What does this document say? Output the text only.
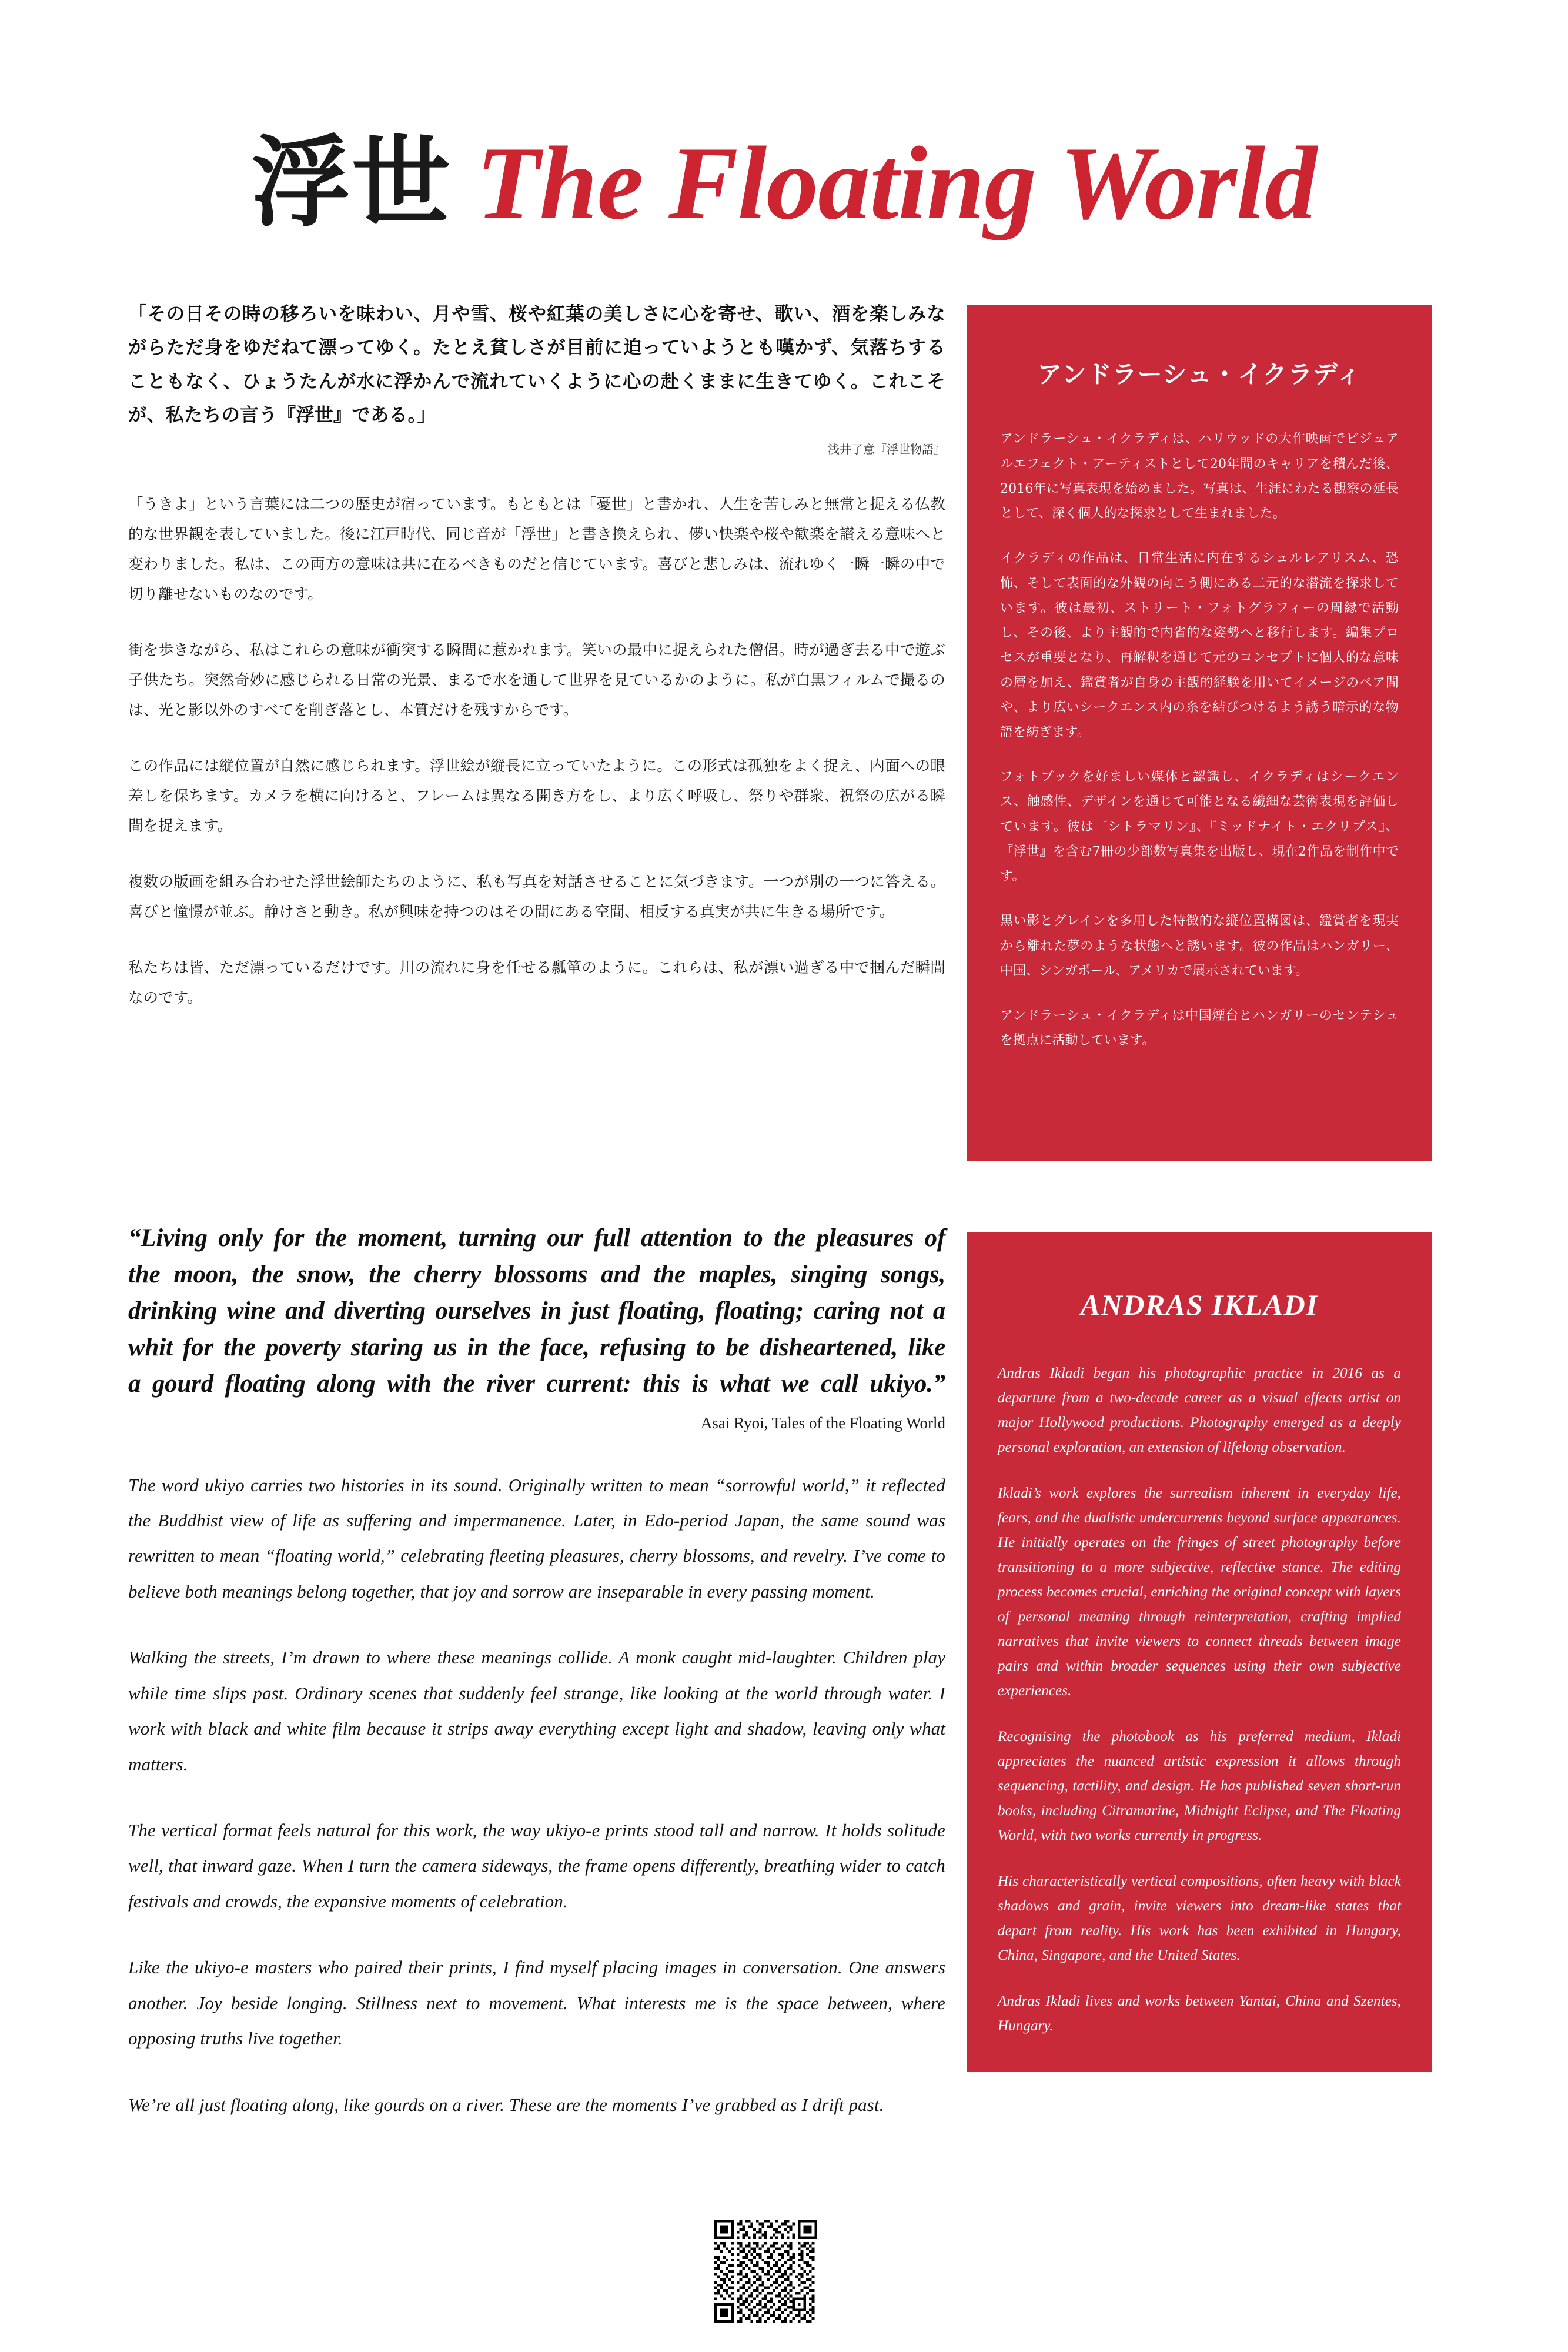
浮世 The Floating World
「その日その時の移ろいを味わい、月や雪、桜や紅葉の美しさに心を寄せ、歌い、酒を楽しみながらただ身をゆだねて漂ってゆく。たとえ貧しさが目前に迫っていようとも嘆かず、気落ちすることもなく、ひょうたんが水に浮かんで流れていくように心の赴くままに生きてゆく。これこそが、私たちの言う『浮世』である。」
浅井了意『浮世物語』

「うきよ」という言葉には二つの歴史が宿っています。もともとは「憂世」と書かれ、人生を苦しみと無常と捉える仏教的な世界観を表していました。後に江戸時代、同じ音が「浮世」と書き換えられ、儚い快楽や桜や歓楽を讃える意味へと変わりました。私は、この両方の意味は共に在るべきものだと信じています。喜びと悲しみは、流れゆく一瞬一瞬の中で切り離せないものなのです。

街を歩きながら、私はこれらの意味が衝突する瞬間に惹かれます。笑いの最中に捉えられた僧侶。時が過ぎ去る中で遊ぶ子供たち。突然奇妙に感じられる日常の光景、まるで水を通して世界を見ているかのように。私が白黒フィルムで撮るのは、光と影以外のすべてを削ぎ落とし、本質だけを残すからです。

この作品には縦位置が自然に感じられます。浮世絵が縦長に立っていたように。この形式は孤独をよく捉え、内面への眼差しを保ちます。カメラを横に向けると、フレームは異なる開き方をし、より広く呼吸し、祭りや群衆、祝祭の広がる瞬間を捉えます。

複数の版画を組み合わせた浮世絵師たちのように、私も写真を対話させることに気づきます。一つが別の一つに答える。喜びと憧憬が並ぶ。静けさと動き。私が興味を持つのはその間にある空間、相反する真実が共に生きる場所です。

私たちは皆、ただ漂っているだけです。川の流れに身を任せる瓢箪のように。これらは、私が漂い過ぎる中で掴んだ瞬間なのです。

アンドラーシュ・イクラディ

アンドラーシュ・イクラディは、ハリウッドの大作映画でビジュアルエフェクト・アーティストとして20年間のキャリアを積んだ後、2016年に写真表現を始めました。写真は、生涯にわたる観察の延長として、深く個人的な探求として生まれました。

イクラディの作品は、日常生活に内在するシュルレアリスム、恐怖、そして表面的な外観の向こう側にある二元的な潜流を探求しています。彼は最初、ストリート・フォトグラフィーの周縁で活動し、その後、より主観的で内省的な姿勢へと移行します。編集プロセスが重要となり、再解釈を通じて元のコンセプトに個人的な意味の層を加え、鑑賞者が自身の主観的経験を用いてイメージのペア間や、より広いシークエンス内の糸を結びつけるよう誘う暗示的な物語を紡ぎます。

フォトブックを好ましい媒体と認識し、イクラディはシークエンス、触感性、デザインを通じて可能となる繊細な芸術表現を評価しています。彼は『シトラマリン』、『ミッドナイト・エクリプス』、『浮世』を含む7冊の少部数写真集を出版し、現在2作品を制作中です。

黒い影とグレインを多用した特徴的な縦位置構図は、鑑賞者を現実から離れた夢のような状態へと誘います。彼の作品はハンガリー、中国、シンガポール、アメリカで展示されています。

アンドラーシュ・イクラディは中国煙台とハンガリーのセンテシュを拠点に活動しています。

“Living only for the moment, turning our full attention to the pleasures of
the moon, the snow, the cherry blossoms and the maples, singing songs,
drinking wine and diverting ourselves in just floating, floating; caring not a
whit for the poverty staring us in the face, refusing to be disheartened, like
a gourd floating along with the river current: this is what we call ukiyo.”
Asai Ryoi, Tales of the Floating World

The word ukiyo carries two histories in its sound. Originally written to mean “sorrowful world,” it reflected the Buddhist view of life as suffering and impermanence. Later, in Edo-period Japan, the same sound was rewritten to mean “floating world,” celebrating fleeting pleasures, cherry blossoms, and revelry. I’ve come to believe both meanings belong together, that joy and sorrow are inseparable in every passing moment.

Walking the streets, I’m drawn to where these meanings collide. A monk caught mid-laughter. Children play while time slips past. Ordinary scenes that suddenly feel strange, like looking at the world through water. I work with black and white film because it strips away everything except light and shadow, leaving only what matters.

The vertical format feels natural for this work, the way ukiyo-e prints stood tall and narrow. It holds solitude well, that inward gaze. When I turn the camera sideways, the frame opens differently, breathing wider to catch festivals and crowds, the expansive moments of celebration.

Like the ukiyo-e masters who paired their prints, I find myself placing images in conversation. One answers another. Joy beside longing. Stillness next to movement. What interests me is the space between, where opposing truths live together.

We’re all just floating along, like gourds on a river. These are the moments I’ve grabbed as I drift past.

ANDRAS IKLADI

Andras Ikladi began his photographic practice in 2016 as a departure from a two-decade career as a visual effects artist on major Hollywood productions. Photography emerged as a deeply personal exploration, an extension of lifelong observation.

Ikladi’s work explores the surrealism inherent in everyday life, fears, and the dualistic undercurrents beyond surface appearances. He initially operates on the fringes of street photography before transitioning to a more subjective, reflective stance. The editing process becomes crucial, enriching the original concept with layers of personal meaning through reinterpretation, crafting implied narratives that invite viewers to connect threads between image pairs and within broader sequences using their own subjective experiences.

Recognising the photobook as his preferred medium, Ikladi appreciates the nuanced artistic expression it allows through sequencing, tactility, and design. He has published seven short-run books, including Citramarine, Midnight Eclipse, and The Floating World, with two works currently in progress.

His characteristically vertical compositions, often heavy with black shadows and grain, invite viewers into dream-like states that depart from reality. His work has been exhibited in Hungary, China, Singapore, and the United States.

Andras Ikladi lives and works between Yantai, China and Szentes, Hungary.
